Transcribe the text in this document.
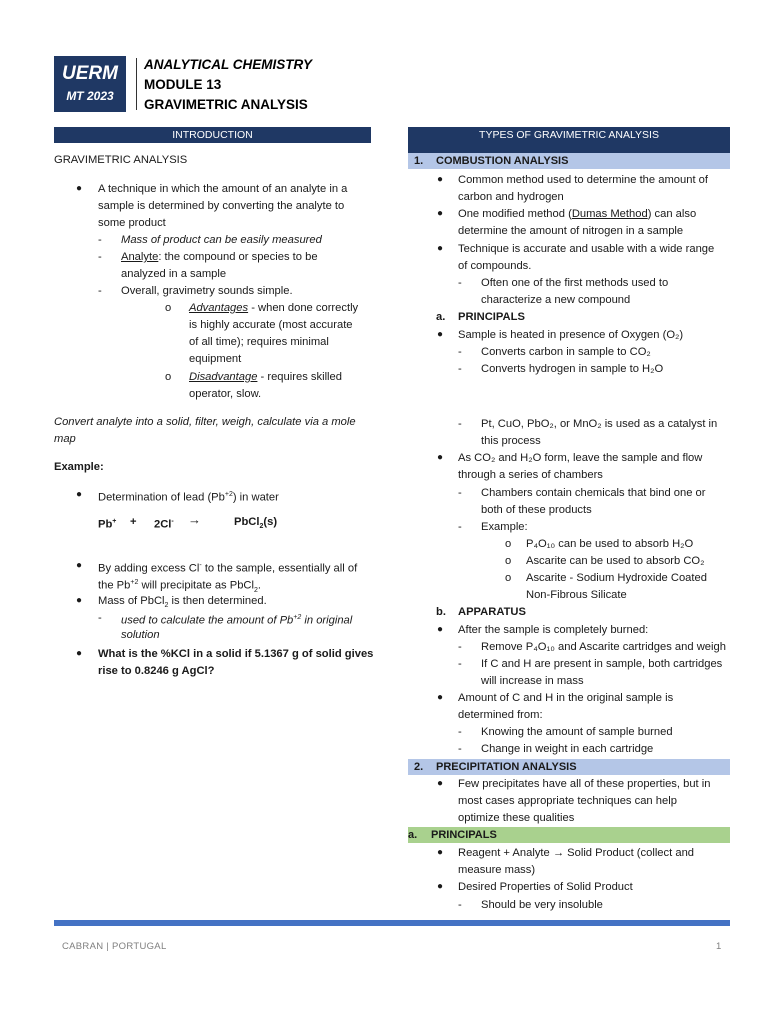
UERM
MT 2023
ANALYTICAL CHEMISTRY
MODULE 13
GRAVIMETRIC ANALYSIS
INTRODUCTION
GRAVIMETRIC ANALYSIS
● A technique in which the amount of an analyte in a
sample is determined by converting the analyte to
some product
- Mass of product can be easily measured
- Analyte: the compound or species to be
analyzed in a sample
- Overall, gravimetry sounds simple.
o Advantages - when done correctly
is highly accurate (most accurate
of all time); requires minimal
equipment
o Disadvantage - requires skilled
operator, slow.
Convert analyte into a solid, filter, weigh, calculate via a mole
map
Example:
● Determination of lead $(Pb^{+2})$ in water
Pb+ + 2Cl- →	PbCl$_2$(s)
● By adding excess Cl- to the sample, essentially all of
the $Pb^{+2}$ will precipitate as PbCl$_2$.
● Mass of PbCl$_2$ is then determined.
- used to calculate the amount of $Pb^{+2}$ in original
solution
● What is the %KCl in a solid if 5.1367 g of solid gives
rise to 0.8246 g AgCl?
TYPES OF GRAVIMETRIC ANALYSIS
1. COMBUSTION ANALYSIS
● Common method used to determine the amount of
carbon and hydrogen
● One modified method (Dumas Method) can also
determine the amount of nitrogen in a sample
● Technique is accurate and usable with a wide range
of compounds.
- Often one of the first methods used to
characterize a new compound
a. PRINCIPALS
● Sample is heated in presence of Oxygen (O₂)
- Converts carbon in sample to CO₂
- Converts hydrogen in sample to H₂O
- Pt, CuO, PbO₂, or MnO₂ is used as a catalyst in
this process
● As CO₂ and H₂O form, leave the sample and flow
through a series of chambers
- Chambers contain chemicals that bind one or
both of these products
- Example:
o P₄O₁₀ can be used to absorb H₂O
o Ascarite can be used to absorb CO₂
o Ascarite - Sodium Hydroxide Coated
Non-Fibrous Silicate
b. APPARATUS
● After the sample is completely burned:
- Remove P₄O₁₀ and Ascarite cartridges and weigh
- If C and H are present in sample, both cartridges
will increase in mass
● Amount of C and H in the original sample is
determined from:
- Knowing the amount of sample burned
- Change in weight in each cartridge
2. PRECIPITATION ANALYSIS
● Few precipitates have all of these properties, but in
most cases appropriate techniques can help
optimize these qualities
a. PRINCIPALS
● Reagent + Analyte → Solid Product (collect and
measure mass)
● Desired Properties of Solid Product
- Should be very insoluble
CABRAN | PORTUGAL	1
